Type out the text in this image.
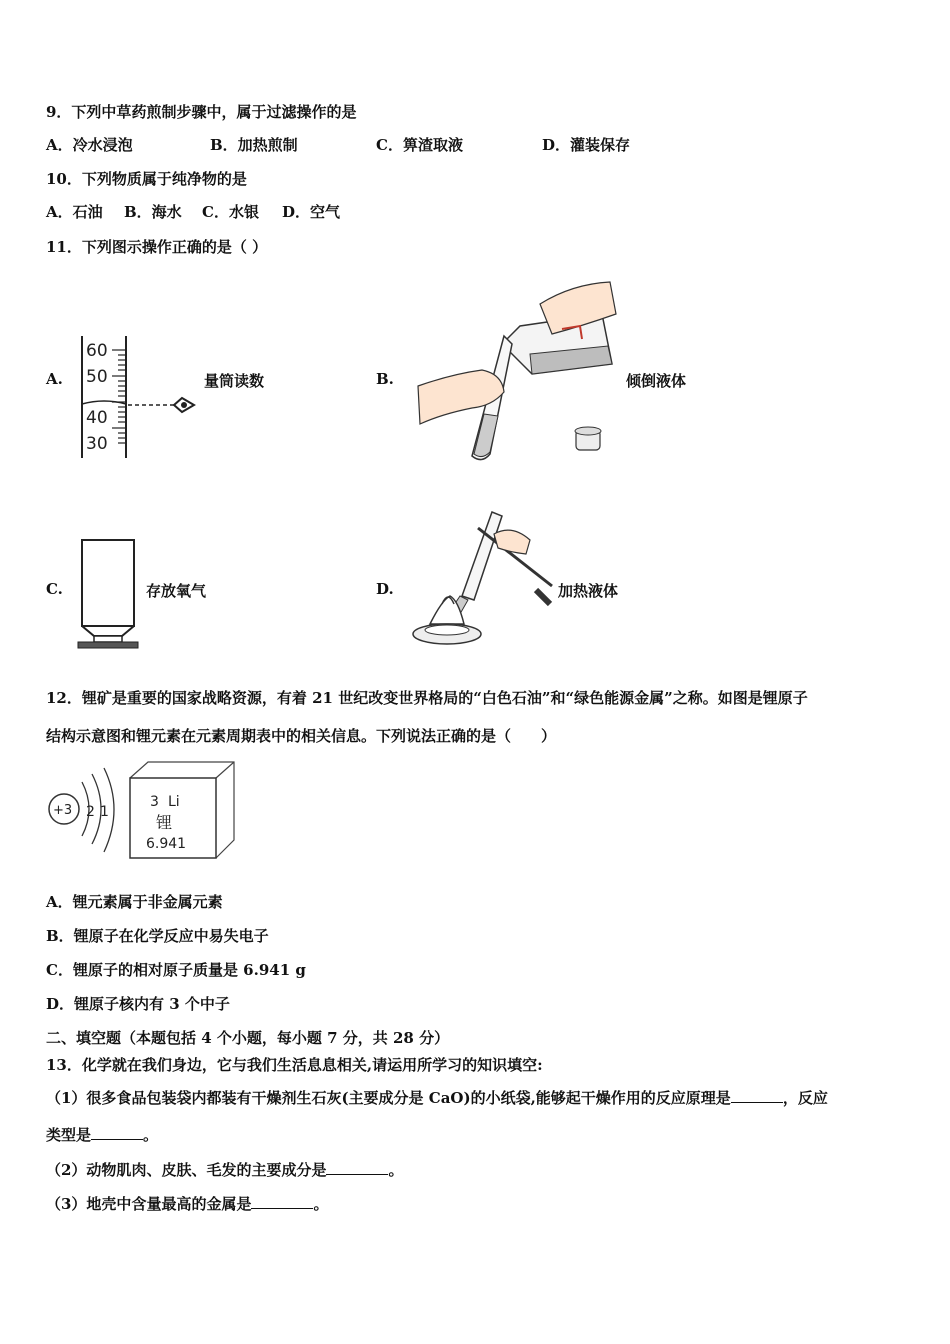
9．下列中草药煎制步骤中，属于过滤操作的是
A．冷水浸泡	B．加热煎制	C．箅渣取液	D．灌装保存
10．下列物质属于纯净物的是
A．石油 B．海水 C．水银 D．空气
11．下列图示操作正确的是（ ）
A.
60
50
40
30
量筒读数	B.	倾倒液体
C.	存放氧气	D.	加热液体
12．锂矿是重要的国家战略资源，有着 21 世纪改变世界格局的“白色石油”和“绿色能源金属”之称。如图是锂原子
结构示意图和锂元素在元素周期表中的相关信息。下列说法正确的是（　　）
+3 2 1
3 Li
锂
6.941
A．锂元素属于非金属元素
B．锂原子在化学反应中易失电子
C．锂原子的相对原子质量是 6.941 g
D．锂原子核内有 3 个中子
二、填空题（本题包括 4 个小题，每小题 7 分，共 28 分）
13．化学就在我们身边，它与我们生活息息相关,请运用所学习的知识填空:
（1）很多食品包装袋内都装有干燥剂生石灰(主要成分是 CaO)的小纸袋,能够起干燥作用的反应原理是	，反应
类型是	。
（2）动物肌肉、皮肤、毛发的主要成分是	。
（3）地壳中含量最高的金属是	。
